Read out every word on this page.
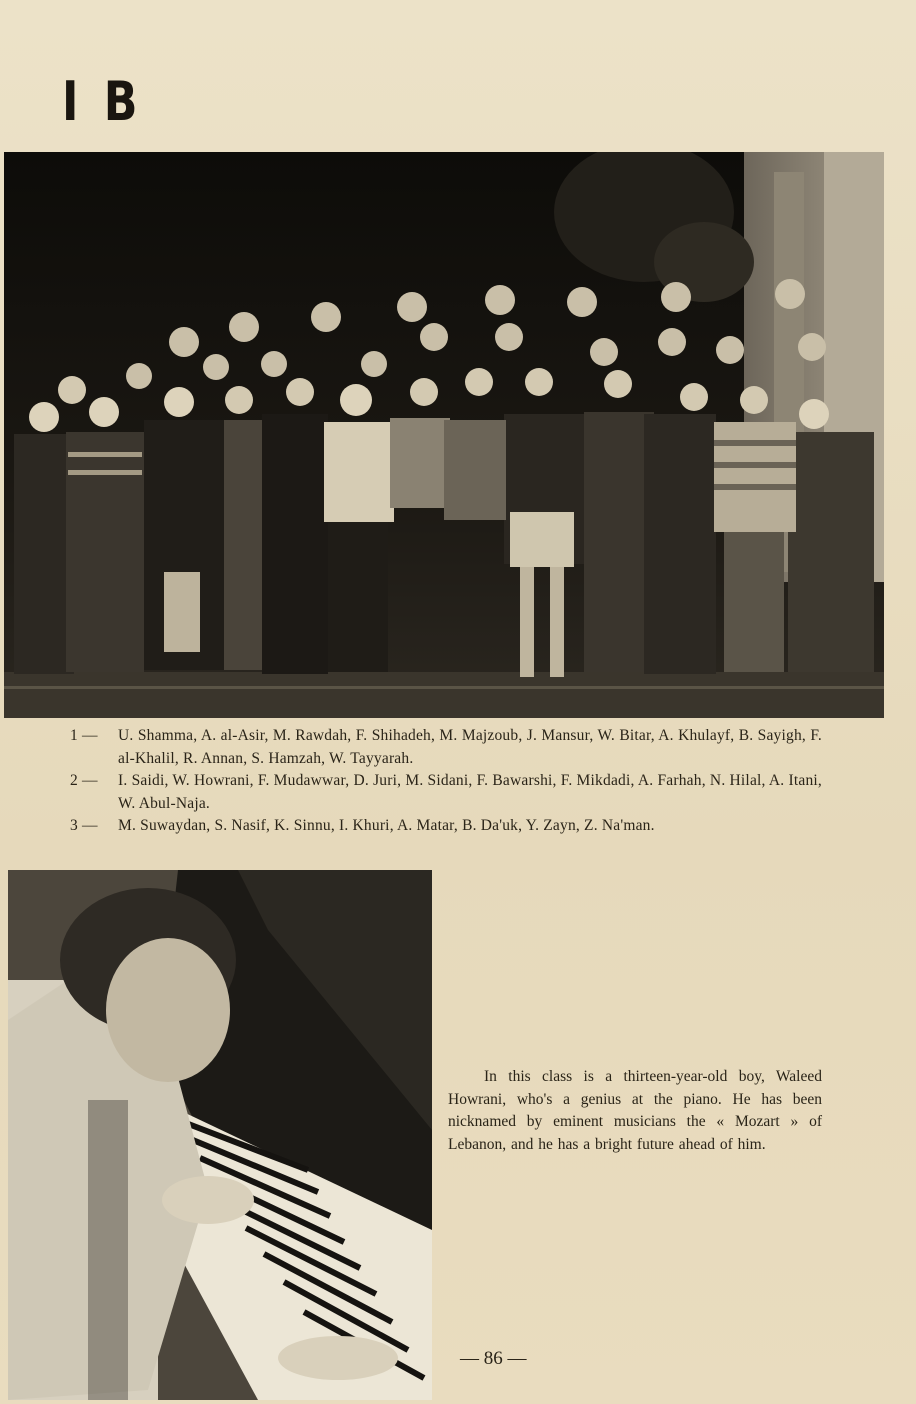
I B
1 —	U. Shamma, A. al-Asir, M. Rawdah, F. Shihadeh, M. Majzoub, J. Mansur, W. Bitar, A. Khulayf, B. Sayigh, F. al-Khalil, R. Annan, S. Hamzah, W. Tayyarah.
2 —	I. Saidi, W. Howrani, F. Mudawwar, D. Juri, M. Sidani, F. Bawarshi, F. Mikdadi, A. Farhah, N. Hilal, A. Itani, W. Abul-Naja.
3 —	M. Suwaydan, S. Nasif, K. Sinnu, I. Khuri, A. Matar, B. Da'uk, Y. Zayn, Z. Na'man.
In this class is a thirteen-year-old boy, Waleed Howrani, who's a genius at the piano. He has been nicknamed by eminent musicians the « Mozart » of Lebanon, and he has a bright future ahead of him.
— 86 —
